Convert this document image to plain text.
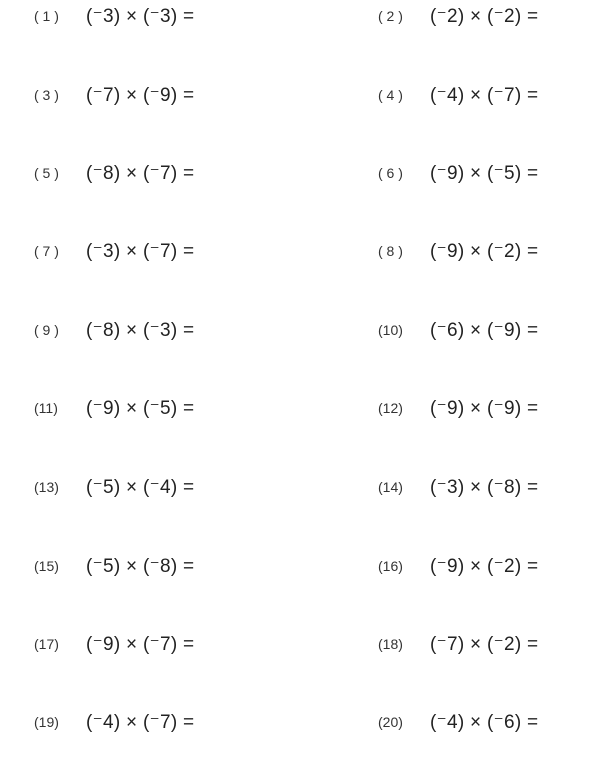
( 1 )	(⁻3) × (⁻3) =	( 2 )	(⁻2) × (⁻2) =
( 3 )	(⁻7) × (⁻9) =	( 4 )	(⁻4) × (⁻7) =
( 5 )	(⁻8) × (⁻7) =	( 6 )	(⁻9) × (⁻5) =
( 7 )	(⁻3) × (⁻7) =	( 8 )	(⁻9) × (⁻2) =
( 9 )	(⁻8) × (⁻3) =	(10)	(⁻6) × (⁻9) =
(11)	(⁻9) × (⁻5) =	(12)	(⁻9) × (⁻9) =
(13)	(⁻5) × (⁻4) =	(14)	(⁻3) × (⁻8) =
(15)	(⁻5) × (⁻8) =	(16)	(⁻9) × (⁻2) =
(17)	(⁻9) × (⁻7) =	(18)	(⁻7) × (⁻2) =
(19)	(⁻4) × (⁻7) =	(20)	(⁻4) × (⁻6) =
